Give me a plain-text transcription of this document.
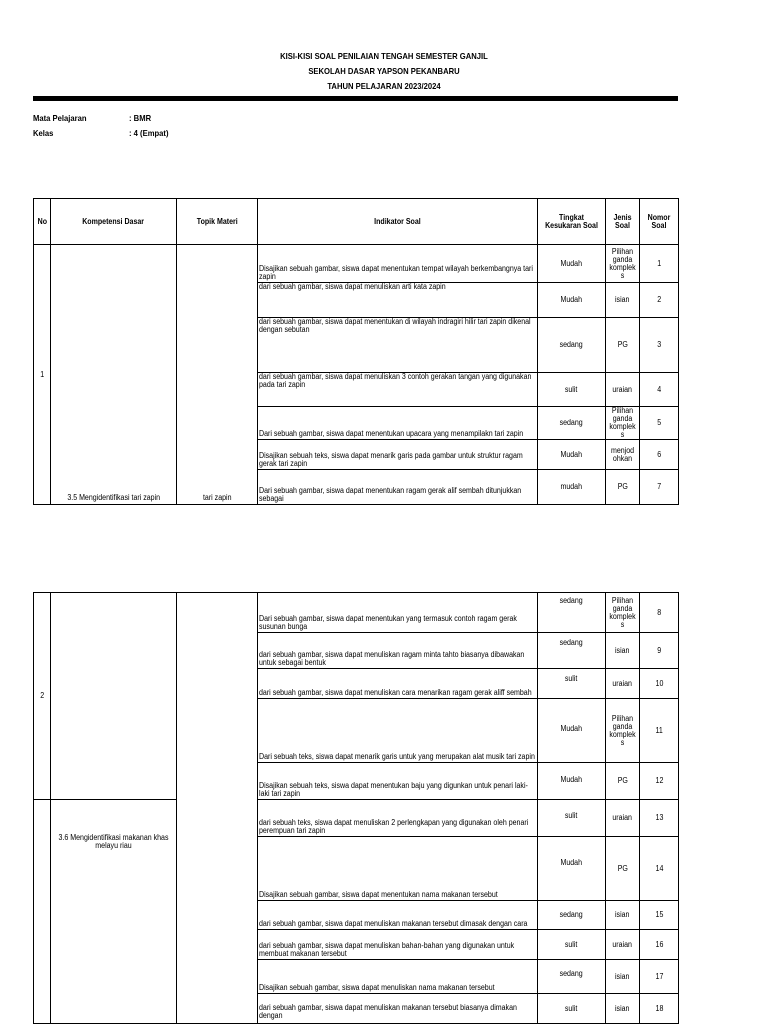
KISI-KISI SOAL PENILAIAN TENGAH SEMESTER GANJIL
SEKOLAH DASAR YAPSON PEKANBARU
TAHUN PELAJARAN 2023/2024
Mata Pelajaran	: BMR
Kelas	: 4 (Empat)
No	Kompetensi Dasar	Topik Materi	Indikator Soal	Tingkat Kesukaran Soal	Jenis Soal	Nomor Soal
1	3.5 Mengidentifikasi tari zapin	tari zapin	Disajikan sebuah gambar, siswa dapat menentukan tempat wilayah berkembangnya tari zapin	Mudah	Pilihan ganda komplek s	1
			dari sebuah gambar, siswa dapat menuliskan arti kata zapin	Mudah	isian	2
			dari sebuah gambar, siswa dapat menentukan di wilayah indragiri hilir tari zapin dikenal dengan sebutan	sedang	PG	3
			dari sebuah gambar, siswa dapat menuliskan 3 contoh gerakan tangan yang digunakan pada tari zapin	sulit	uraian	4
			Dari sebuah gambar, siswa dapat menentukan upacara yang menampilakn tari zapin	sedang	Pilihan ganda komplek s	5
			Disajikan sebuah teks, siswa dapat menarik garis pada gambar untuk struktur ragam gerak tari zapin	Mudah	menjod ohkan	6
			Dari sebuah gambar, siswa dapat menentukan ragam gerak alif sembah ditunjukkan sebagai	mudah	PG	7
2			Dari sebuah gambar, siswa dapat menentukan yang termasuk contoh ragam gerak susunan bunga	sedang	Pilihan ganda komplek s	8
			dari sebuah gambar, siswa dapat menuliskan ragam minta tahto biasanya dibawakan untuk sebagai bentuk	sedang	isian	9
			dari sebuah gambar, siswa dapat menuliskan cara menarikan ragam gerak aliff sembah	sulit	uraian	10
			Dari sebuah teks, siswa dapat menarik garis untuk yang merupakan alat musik tari zapin	Mudah	Pilihan ganda komplek s	11
			Disajikan sebuah teks, siswa dapat menentukan baju yang digunkan untuk penari laki-laki tari zapin	Mudah	PG	12
	3.6 Mengidentifikasi makanan khas melayu riau		dari sebuah teks, siswa dapat menuliskan 2 perlengkapan yang digunakan oleh penari perempuan tari zapin	sulit	uraian	13
			Disajikan sebuah gambar, siswa dapat menentukan nama makanan tersebut	Mudah	PG	14
			dari sebuah gambar, siswa dapat menuliskan makanan tersebut dimasak dengan cara	sedang	isian	15
			dari sebuah gambar, siswa dapat menuliskan bahan-bahan yang digunakan untuk membuat makanan tersebut	sulit	uraian	16
			Disajikan sebuah gambar, siswa dapat menuliskan nama makanan tersebut	sedang	isian	17
			dari sebuah gambar, siswa dapat menuliskan makanan tersebut biasanya dimakan dengan	sulit	isian	18
